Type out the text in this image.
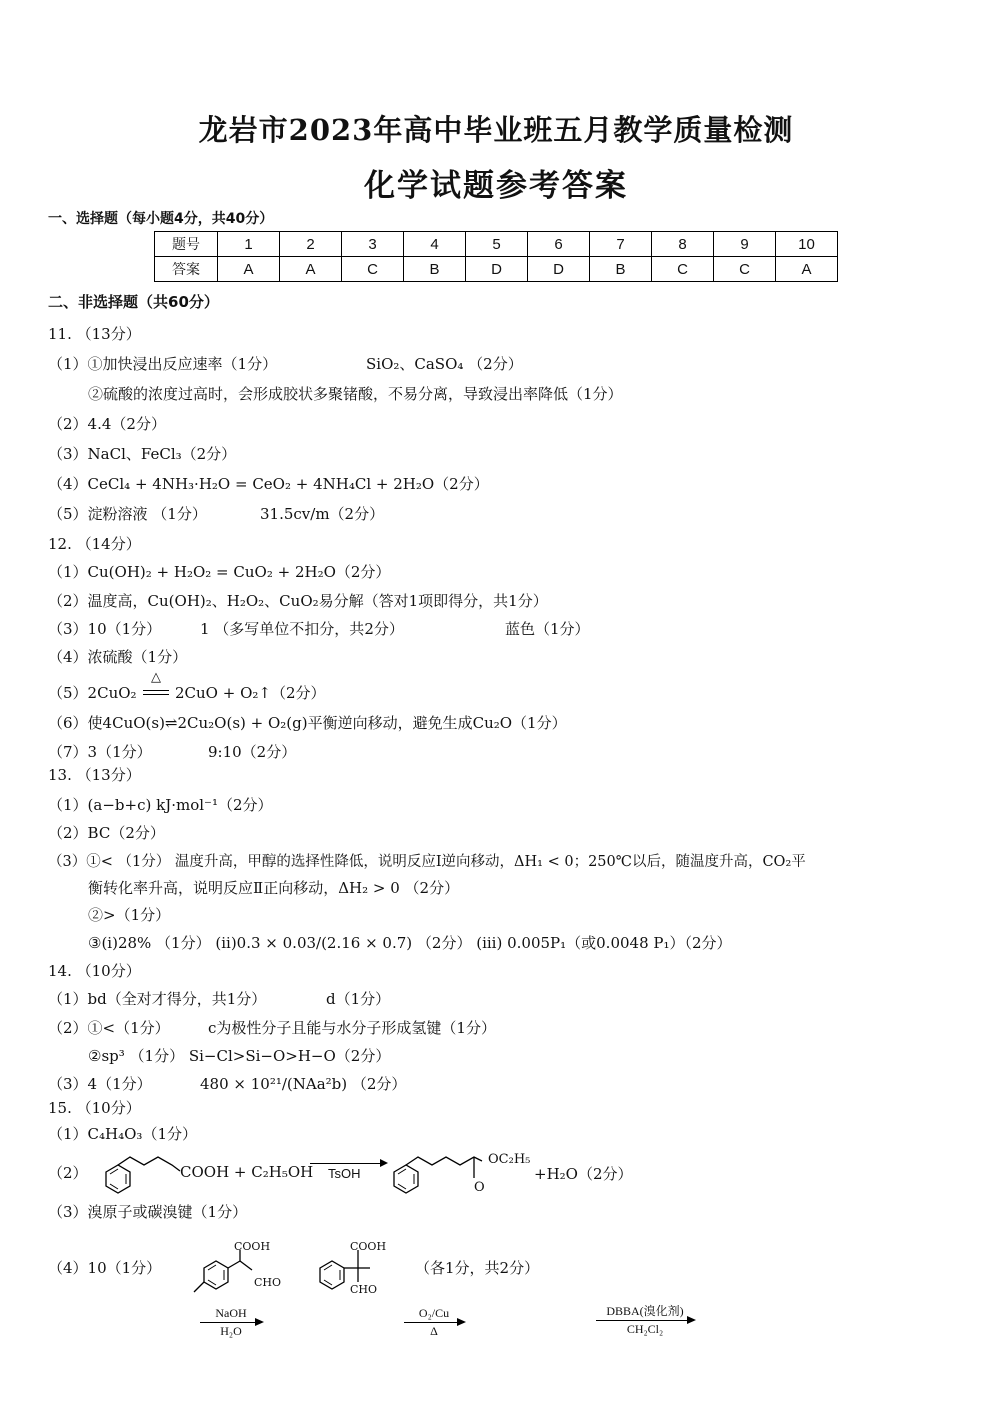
龙岩市2023年高中毕业班五月教学质量检测
化学试题参考答案
一、选择题（每小题4分，共40分）
题号	1	2	3	4	5	6	7	8	9	10
答案	A	A	C	B	D	D	B	C	C	A
二、非选择题（共60分）
11. （13分）
（1）①加快浸出反应速率（1分）	SiO₂、CaSO₄ （2分）
②硫酸的浓度过高时，会形成胶状多聚锗酸，不易分离，导致浸出率降低（1分）
（2）4.4（2分）
（3）NaCl、FeCl₃（2分）
（4）CeCl₄ + 4NH₃·H₂O = CeO₂ + 4NH₄Cl + 2H₂O（2分）
（5）淀粉溶液 （1分）	31.5cv/m（2分）
12. （14分）
（1）Cu(OH)₂ + H₂O₂ = CuO₂ + 2H₂O（2分）
（2）温度高，Cu(OH)₂、H₂O₂、CuO₂易分解（答对1项即得分，共1分）
（3）10（1分）	1 （多写单位不扣分，共2分）	蓝色（1分）
（4）浓硫酸（1分）
（5）2CuO₂
△
2CuO + O₂↑（2分）
（6）使4CuO(s)⇌2Cu₂O(s) + O₂(g)平衡逆向移动，避免生成Cu₂O（1分）
（7）3（1分）	9:10（2分）
13. （13分）
（1）(a−b+c) kJ·mol⁻¹（2分）
（2）BC（2分）
（3）①< （1分） 温度升高，甲醇的选择性降低，说明反应Ⅰ逆向移动，ΔH₁ < 0；250℃以后，随温度升高，CO₂平
衡转化率升高，说明反应Ⅱ正向移动，ΔH₂ > 0 （2分）
②>（1分）
③(i)28% （1分） (ii)0.3 × 0.03/(2.16 × 0.7) （2分） (iii) 0.005P₁（或0.0048 P₁）（2分）
14. （10分）
（1）bd（全对才得分，共1分）	d（1分）
（2）①<（1分）	c为极性分子且能与水分子形成氢键（1分）
②sp³ （1分） Si−Cl>Si−O>H−O（2分）
（3）4（1分）	480 × 10²¹/(NAa²b) （2分）
15. （10分）
（1）C₄H₄O₃（1分）
（2）	COOH + C₂H₅OH TsOH
OC₂H₅
O
+H₂O（2分）
（3）溴原子或碳溴键（1分）
（4）10（1分）
COOH
CHO
COOH
CHO
（各1分，共2分）
NaOH
H₂O
O₂/Cu
Δ
DBBA(溴化剂)
CH₂Cl₂
